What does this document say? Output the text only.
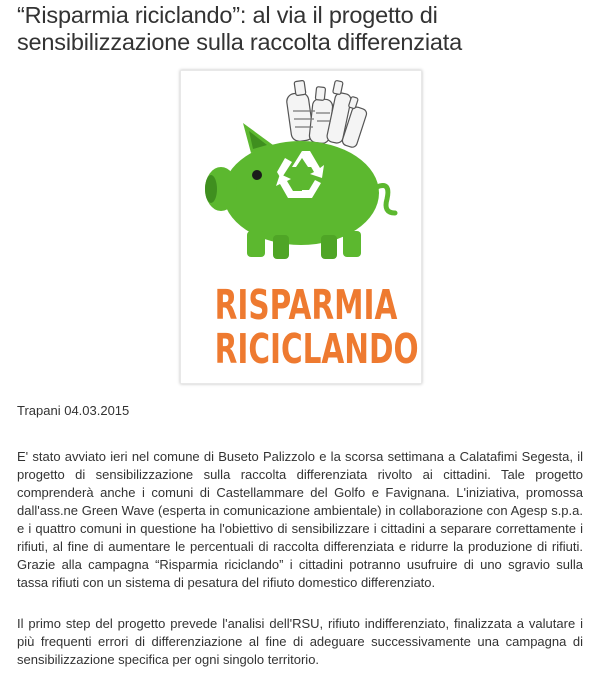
“Risparmia riciclando”: al via il progetto di sensibilizzazione sulla raccolta differenziata
RISPARMIA
RICICLANDO
Trapani 04.03.2015

E' stato avviato ieri nel comune di Buseto Palizzolo e la scorsa settimana a Calatafimi Segesta, il progetto di sensibilizzazione sulla raccolta differenziata rivolto ai cittadini. Tale progetto comprenderà anche i comuni di Castellammare del Golfo e Favignana. L'iniziativa, promossa dall'ass.ne Green Wave (esperta in comunicazione ambientale) in collaborazione con Agesp s.p.a. e i quattro comuni in questione ha l'obiettivo di sensibilizzare i cittadini a separare correttamente i rifiuti, al fine di aumentare le percentuali di raccolta differenziata e ridurre la produzione di rifiuti. Grazie alla campagna “Risparmia riciclando” i cittadini potranno usufruire di uno sgravio sulla tassa rifiuti con un sistema di pesatura del rifiuto domestico differenziato.

Il primo step del progetto prevede l'analisi dell'RSU, rifiuto indifferenziato, finalizzata a valutare i più frequenti errori di differenziazione al fine di adeguare successivamente una campagna di sensibilizzazione specifica per ogni singolo territorio.
